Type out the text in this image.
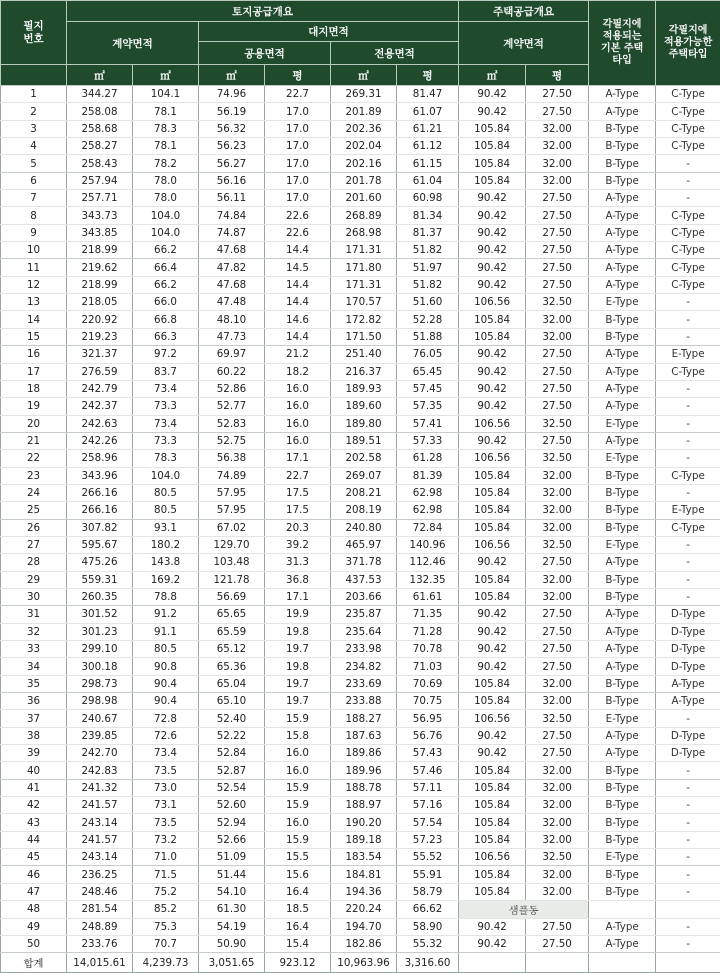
필지
번호	토지공급개요						주택공급개요		각필지에
적용되는
기본 주택
타입	각필지에
적용가능한
주택타입
	계약면적		대지면적				계약면적			
			공용면적		전용면적					
	㎡	㎡	㎡	평	㎡	평	㎡	평		
1	344.27	104.1	74.96	22.7	269.31	81.47	90.42	27.50	A-Type	C-Type
2	258.08	78.1	56.19	17.0	201.89	61.07	90.42	27.50	A-Type	C-Type
3	258.68	78.3	56.32	17.0	202.36	61.21	105.84	32.00	B-Type	C-Type
4	258.27	78.1	56.23	17.0	202.04	61.12	105.84	32.00	B-Type	C-Type
5	258.43	78.2	56.27	17.0	202.16	61.15	105.84	32.00	B-Type	-
6	257.94	78.0	56.16	17.0	201.78	61.04	105.84	32.00	B-Type	-
7	257.71	78.0	56.11	17.0	201.60	60.98	90.42	27.50	A-Type	-
8	343.73	104.0	74.84	22.6	268.89	81.34	90.42	27.50	A-Type	C-Type
9	343.85	104.0	74.87	22.6	268.98	81.37	90.42	27.50	A-Type	C-Type
10	218.99	66.2	47.68	14.4	171.31	51.82	90.42	27.50	A-Type	C-Type
11	219.62	66.4	47.82	14.5	171.80	51.97	90.42	27.50	A-Type	C-Type
12	218.99	66.2	47.68	14.4	171.31	51.82	90.42	27.50	A-Type	C-Type
13	218.05	66.0	47.48	14.4	170.57	51.60	106.56	32.50	E-Type	-
14	220.92	66.8	48.10	14.6	172.82	52.28	105.84	32.00	B-Type	-
15	219.23	66.3	47.73	14.4	171.50	51.88	105.84	32.00	B-Type	-
16	321.37	97.2	69.97	21.2	251.40	76.05	90.42	27.50	A-Type	E-Type
17	276.59	83.7	60.22	18.2	216.37	65.45	90.42	27.50	A-Type	C-Type
18	242.79	73.4	52.86	16.0	189.93	57.45	90.42	27.50	A-Type	-
19	242.37	73.3	52.77	16.0	189.60	57.35	90.42	27.50	A-Type	-
20	242.63	73.4	52.83	16.0	189.80	57.41	106.56	32.50	E-Type	-
21	242.26	73.3	52.75	16.0	189.51	57.33	90.42	27.50	A-Type	-
22	258.96	78.3	56.38	17.1	202.58	61.28	106.56	32.50	E-Type	-
23	343.96	104.0	74.89	22.7	269.07	81.39	105.84	32.00	B-Type	C-Type
24	266.16	80.5	57.95	17.5	208.21	62.98	105.84	32.00	B-Type	-
25	266.16	80.5	57.95	17.5	208.19	62.98	105.84	32.00	B-Type	E-Type
26	307.82	93.1	67.02	20.3	240.80	72.84	105.84	32.00	B-Type	C-Type
27	595.67	180.2	129.70	39.2	465.97	140.96	106.56	32.50	E-Type	-
28	475.26	143.8	103.48	31.3	371.78	112.46	90.42	27.50	A-Type	-
29	559.31	169.2	121.78	36.8	437.53	132.35	105.84	32.00	B-Type	-
30	260.35	78.8	56.69	17.1	203.66	61.61	105.84	32.00	B-Type	-
31	301.52	91.2	65.65	19.9	235.87	71.35	90.42	27.50	A-Type	D-Type
32	301.23	91.1	65.59	19.8	235.64	71.28	90.42	27.50	A-Type	D-Type
33	299.10	80.5	65.12	19.7	233.98	70.78	90.42	27.50	A-Type	D-Type
34	300.18	90.8	65.36	19.8	234.82	71.03	90.42	27.50	A-Type	D-Type
35	298.73	90.4	65.04	19.7	233.69	70.69	105.84	32.00	B-Type	A-Type
36	298.98	90.4	65.10	19.7	233.88	70.75	105.84	32.00	B-Type	A-Type
37	240.67	72.8	52.40	15.9	188.27	56.95	106.56	32.50	E-Type	-
38	239.85	72.6	52.22	15.8	187.63	56.76	90.42	27.50	A-Type	D-Type
39	242.70	73.4	52.84	16.0	189.86	57.43	90.42	27.50	A-Type	D-Type
40	242.83	73.5	52.87	16.0	189.96	57.46	105.84	32.00	B-Type	-
41	241.32	73.0	52.54	15.9	188.78	57.11	105.84	32.00	B-Type	-
42	241.57	73.1	52.60	15.9	188.97	57.16	105.84	32.00	B-Type	-
43	243.14	73.5	52.94	16.0	190.20	57.54	105.84	32.00	B-Type	-
44	241.57	73.2	52.66	15.9	189.18	57.23	105.84	32.00	B-Type	-
45	243.14	71.0	51.09	15.5	183.54	55.52	106.56	32.50	E-Type	-
46	236.25	71.5	51.44	15.6	184.81	55.91	105.84	32.00	B-Type	-
47	248.46	75.2	54.10	16.4	194.36	58.79	105.84	32.00	B-Type	-
48	281.54	85.2	61.30	18.5	220.24	66.62	샘플동			
49	248.89	75.3	54.19	16.4	194.70	58.90	90.42	27.50	A-Type	-
50	233.76	70.7	50.90	15.4	182.86	55.32	90.42	27.50	A-Type	-
합계	14,015.61	4,239.73	3,051.65	923.12	10,963.96	3,316.60				
